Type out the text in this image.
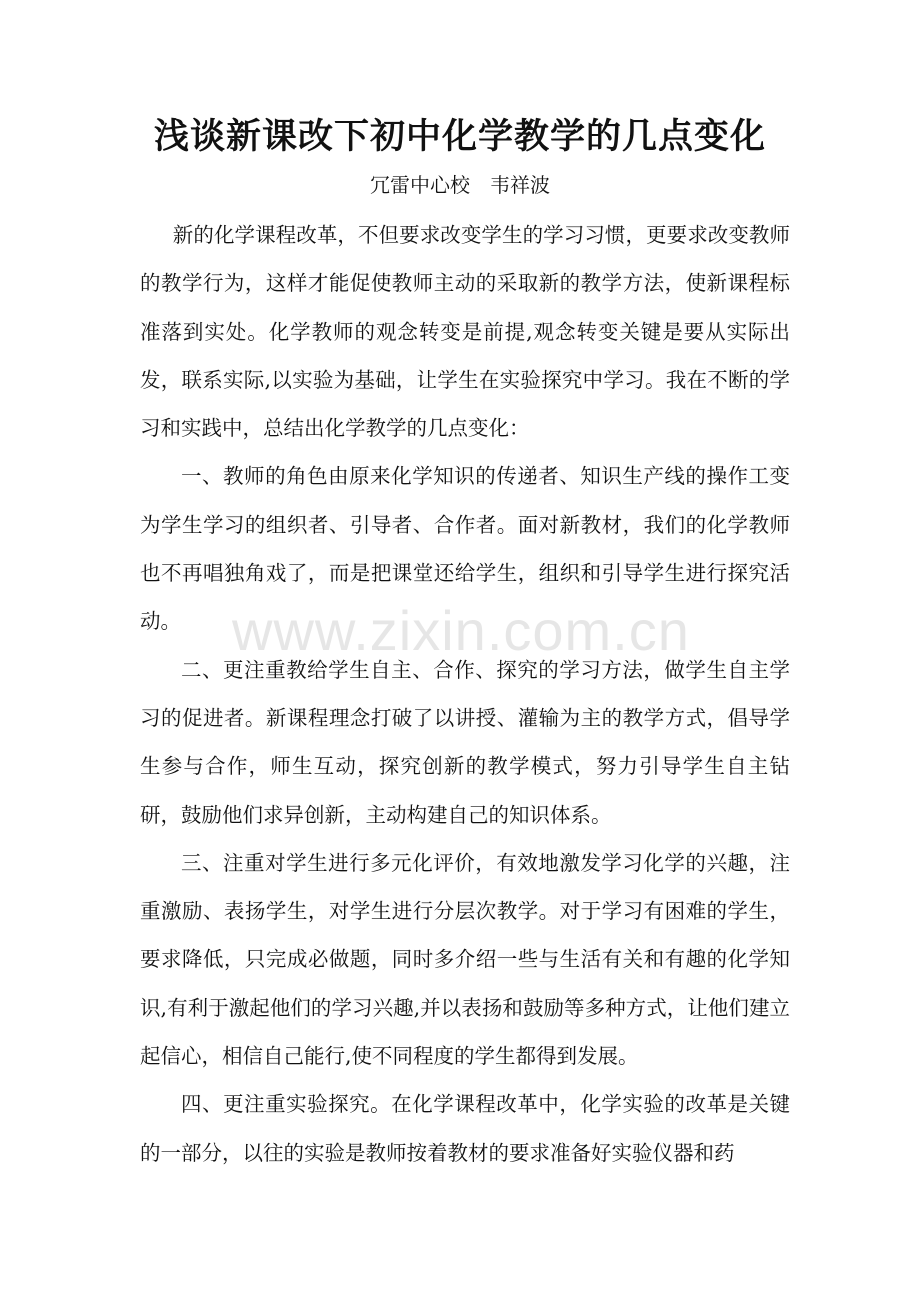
浅谈新课改下初中化学教学的几点变化
冗雷中心校　韦祥波

新的化学课程改革，不但要求改变学生的学习习惯，更要求改变教师的教学行为，这样才能促使教师主动的采取新的教学方法，使新课程标准落到实处。化学教师的观念转变是前提,观念转变关键是要从实际出发，联系实际,以实验为基础，让学生在实验探究中学习。我在不断的学习和实践中，总结出化学教学的几点变化：

一、教师的角色由原来化学知识的传递者、知识生产线的操作工变为学生学习的组织者、引导者、合作者。面对新教材，我们的化学教师也不再唱独角戏了，而是把课堂还给学生，组织和引导学生进行探究活动。

二、更注重教给学生自主、合作、探究的学习方法，做学生自主学习的促进者。新课程理念打破了以讲授、灌输为主的教学方式，倡导学生参与合作，师生互动，探究创新的教学模式，努力引导学生自主钻研，鼓励他们求异创新，主动构建自己的知识体系。

三、注重对学生进行多元化评价，有效地激发学习化学的兴趣，注重激励、表扬学生，对学生进行分层次教学。对于学习有困难的学生，要求降低，只完成必做题，同时多介绍一些与生活有关和有趣的化学知识,有利于激起他们的学习兴趣,并以表扬和鼓励等多种方式，让他们建立起信心，相信自己能行,使不同程度的学生都得到发展。

四、更注重实验探究。在化学课程改革中，化学实验的改革是关键的一部分，以往的实验是教师按着教材的要求准备好实验仪器和药

www.zixin.com.cn
